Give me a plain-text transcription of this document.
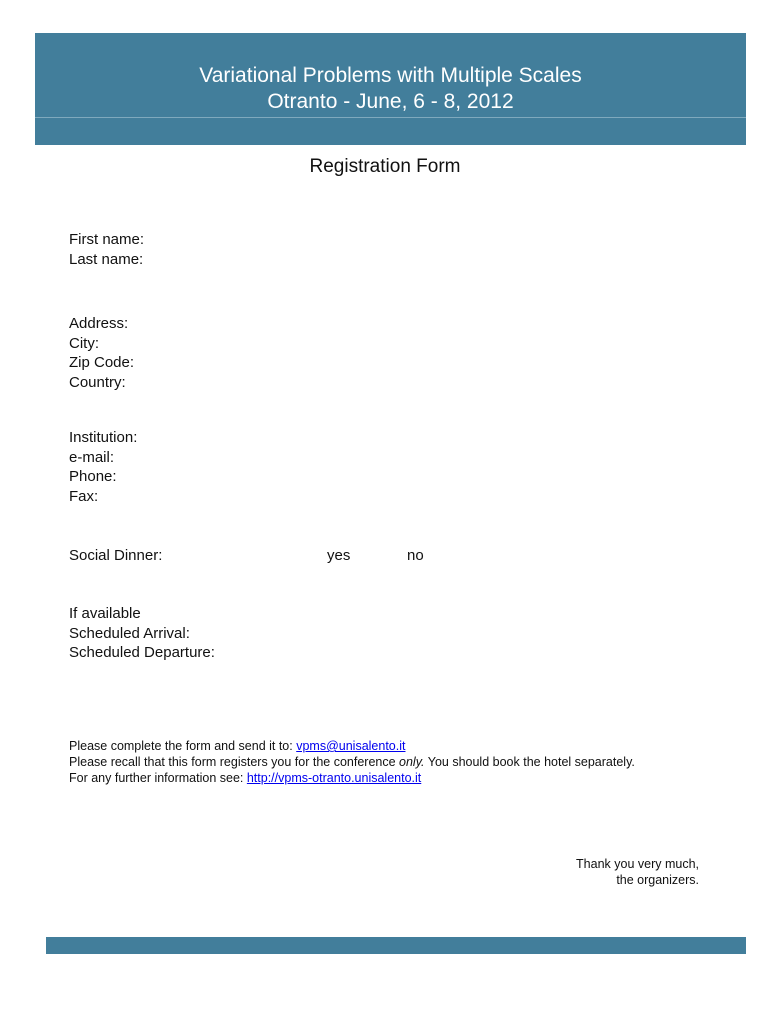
Variational Problems with Multiple Scales
Otranto - June, 6 - 8, 2012
Registration Form
First name:
Last name:
Address:
City:
Zip Code:
Country:
Institution:
e-mail:
Phone:
Fax:
Social Dinner:	yes	no
If available
Scheduled Arrival:
Scheduled Departure:

Please complete the form and send it to: vpms@unisalento.it

Please recall that this form registers you for the conference only. You should book the hotel separately.

For any further information see: http://vpms-otranto.unisalento.it

Thank you very much,
the organizers.
